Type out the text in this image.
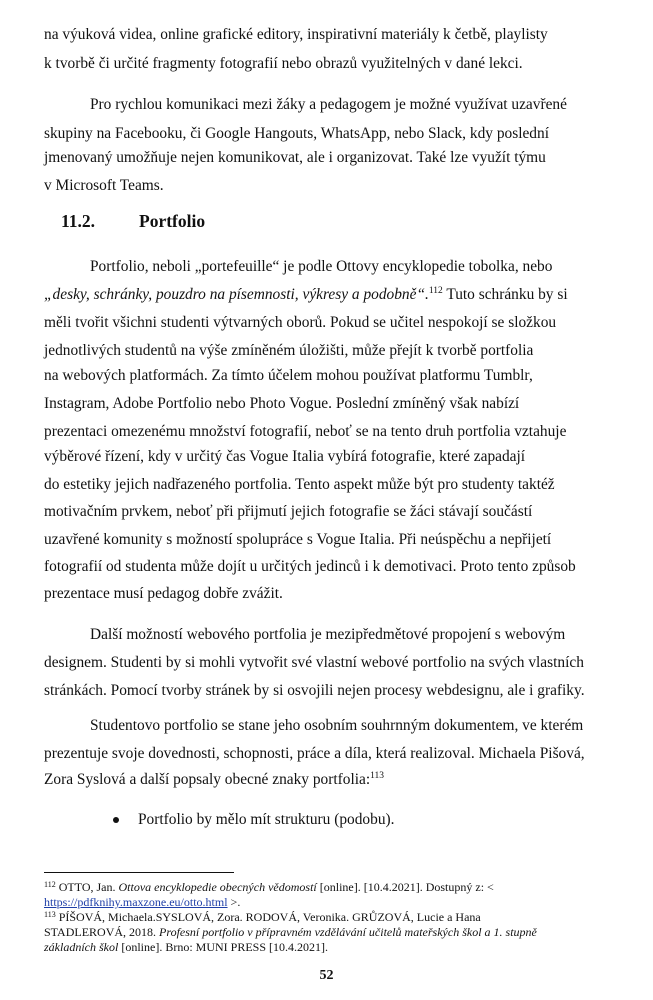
na výuková videa, online grafické editory, inspirativní materiály k četbě, playlisty
k tvorbě či určité fragmenty fotografií nebo obrazů využitelných v dané lekci.
Pro rychlou komunikaci mezi žáky a pedagogem je možné využívat uzavřené
skupiny na Facebooku, či Google Hangouts, WhatsApp, nebo Slack, kdy poslední
jmenovaný umožňuje nejen komunikovat, ale i organizovat. Také lze využít týmu
v Microsoft Teams.
11.2.	Portfolio
Portfolio, neboli „portefeuille“ je podle Ottovy encyklopedie tobolka, nebo
„desky, schránky, pouzdro na písemnosti, výkresy a podobně“.$^{112}$ Tuto schránku by si
měli tvořit všichni studenti výtvarných oborů. Pokud se učitel nespokojí se složkou
jednotlivých studentů na výše zmíněném úložišti, může přejít k tvorbě portfolia
na webových platformách. Za tímto účelem mohou používat platformu Tumblr,
Instagram, Adobe Portfolio nebo Photo Vogue. Poslední zmíněný však nabízí
prezentaci omezenému množství fotografií, neboť se na tento druh portfolia vztahuje
výběrové řízení, kdy v určitý čas Vogue Italia vybírá fotografie, které zapadají
do estetiky jejich nadřazeného portfolia. Tento aspekt může být pro studenty taktéž
motivačním prvkem, neboť při přijmutí jejich fotografie se žáci stávají součástí
uzavřené komunity s možností spolupráce s Vogue Italia. Při neúspěchu a nepřijetí
fotografií od studenta může dojít u určitých jedinců i k demotivaci. Proto tento způsob
prezentace musí pedagog dobře zvážit.
Další možností webového portfolia je mezipředmětové propojení s webovým
designem. Studenti by si mohli vytvořit své vlastní webové portfolio na svých vlastních
stránkách. Pomocí tvorby stránek by si osvojili nejen procesy webdesignu, ale i grafiky.
Studentovo portfolio se stane jeho osobním souhrnným dokumentem, ve kterém
prezentuje svoje dovednosti, schopnosti, práce a díla, která realizoval. Michaela Pišová,
Zora Syslová a další popsaly obecné znaky portfolia:$^{113}$
Portfolio by mělo mít strukturu (podobu).
$^{112}$ OTTO, Jan. Ottova encyklopedie obecných vědomostí [online]. [10.4.2021]. Dostupný z: <
https://pdfknihy.maxzone.eu/otto.html >.
$^{113}$ PÍŠOVÁ, Michaela.SYSLOVÁ, Zora. RODOVÁ, Veronika. GRŮZOVÁ, Lucie a Hana
STADLEROVÁ, 2018. Profesní portfolio v přípravném vzdělávání učitelů mateřských škol a 1. stupně
základních škol [online]. Brno: MUNI PRESS [10.4.2021].
52
